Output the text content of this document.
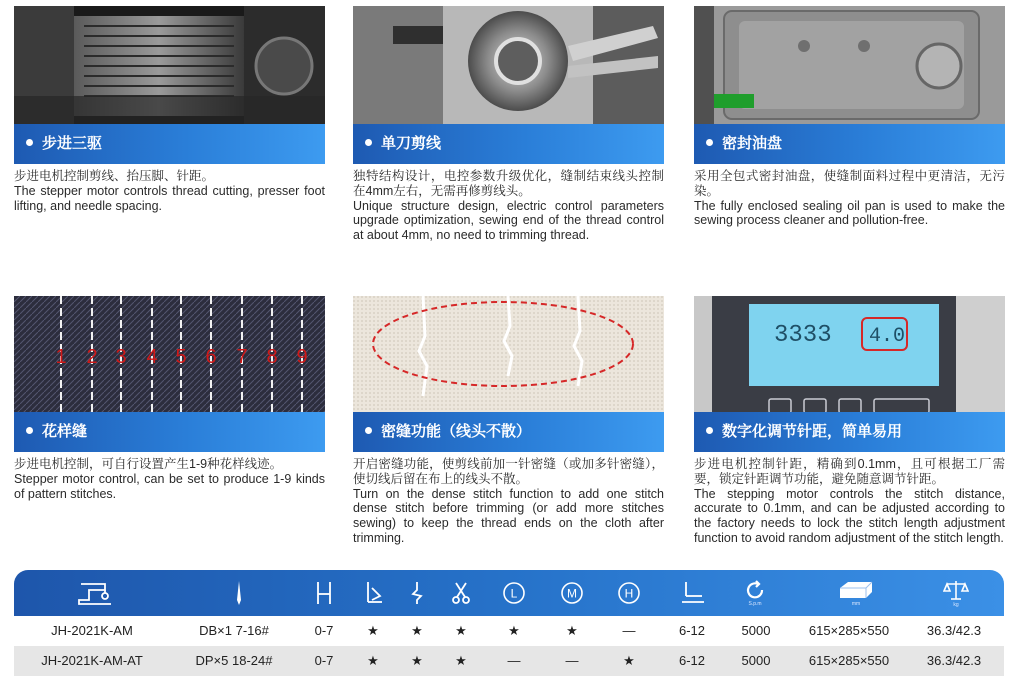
步进三驱

步进电机控制剪线、抬压脚、针距。

The stepper motor controls thread cutting, presser foot lifting, and needle spacing.

单刀剪线

独特结构设计，电控参数升级优化，缝制结束线头控制在4mm左右，无需再修剪线头。

Unique structure design, electric control parameters upgrade optimization, sewing end of the thread control at about 4mm, no need to trimming thread.

密封油盘

采用全包式密封油盘，使缝制面料过程中更清洁，无污染。

The fully enclosed sealing oil pan is used to make the sewing process cleaner and pollution-free.

1 2 3 4 5 6 7 8 9
花样缝

步进电机控制，可自行设置产生1-9种花样线迹。

Stepper motor control, can be set to produce 1-9 kinds of pattern stitches.

密缝功能（线头不散）

开启密缝功能，使剪线前加一针密缝（或加多针密缝），使切线后留在布上的线头不散。

Turn on the dense stitch function to add one stitch dense stitch before trimming (or add more stitches sewing) to keep the thread ends on the cloth after trimming.

3333 4.0
数字化调节针距，简单易用

步进电机控制针距，精确到0.1mm，且可根据工厂需要，锁定针距调节功能，避免随意调节针距。

The stepping motor controls the stitch distance, accurate to 0.1mm, and can be adjusted according to the factory needs to lock the stitch length adjustment function to avoid random adjustment of the stitch length.

L	M	H
S.p.m	mm	kg
JH-2021K-AM	DB×1 7-16#	0-7	★	★	★	★	★	—	6-12	5000	615×285×550	36.3/42.3
JH-2021K-AM-AT	DP×5 18-24#	0-7	★	★	★	—	—	★	6-12	5000	615×285×550	36.3/42.3
